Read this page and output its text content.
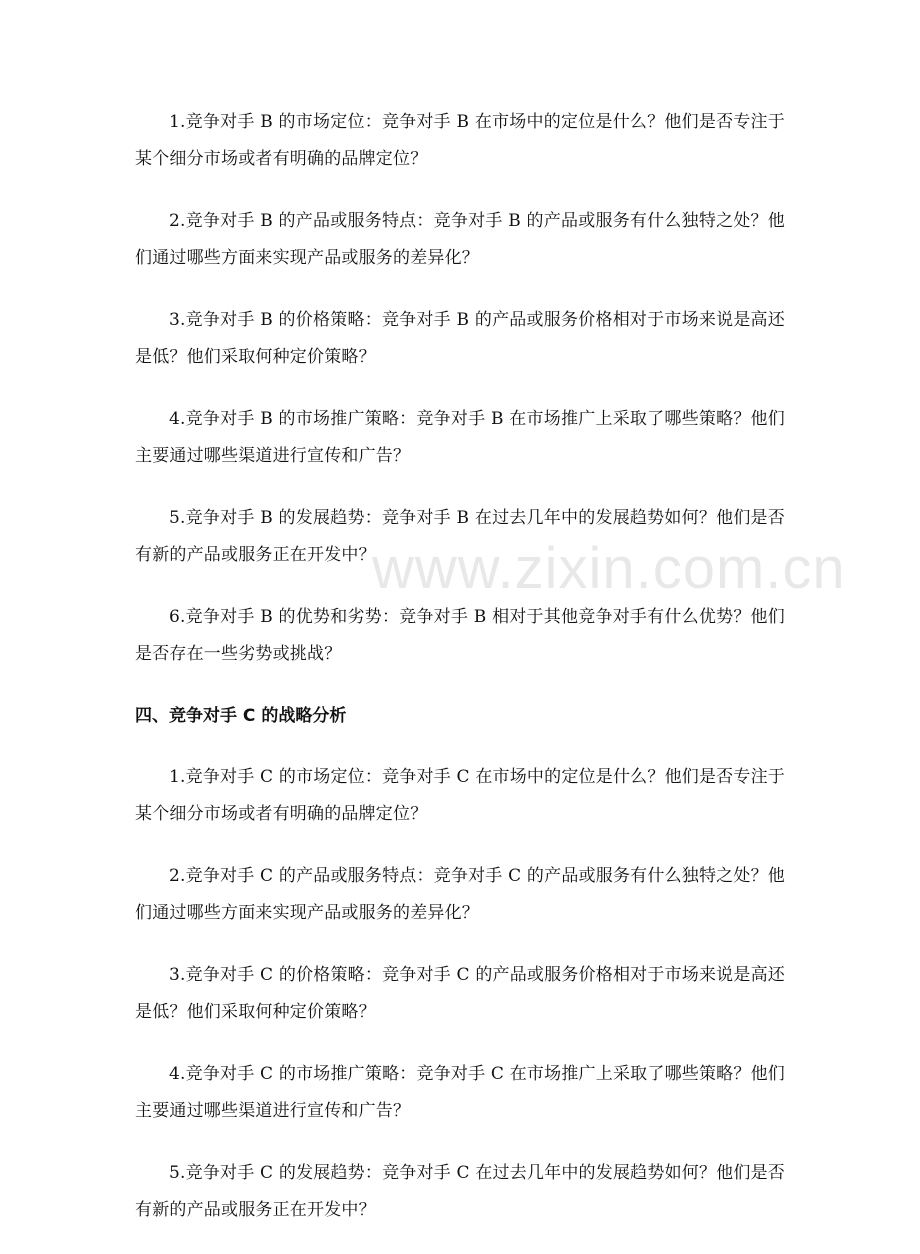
1.竞争对手 B 的市场定位：竞争对手 B 在市场中的定位是什么？他们是否专注于某个细分市场或者有明确的品牌定位？

2.竞争对手 B 的产品或服务特点：竞争对手 B 的产品或服务有什么独特之处？他们通过哪些方面来实现产品或服务的差异化？

3.竞争对手 B 的价格策略：竞争对手 B 的产品或服务价格相对于市场来说是高还是低？他们采取何种定价策略？

4.竞争对手 B 的市场推广策略：竞争对手 B 在市场推广上采取了哪些策略？他们主要通过哪些渠道进行宣传和广告？

5.竞争对手 B 的发展趋势：竞争对手 B 在过去几年中的发展趋势如何？他们是否有新的产品或服务正在开发中？

6.竞争对手 B 的优势和劣势：竞争对手 B 相对于其他竞争对手有什么优势？他们是否存在一些劣势或挑战？

四、竞争对手 C 的战略分析

1.竞争对手 C 的市场定位：竞争对手 C 在市场中的定位是什么？他们是否专注于某个细分市场或者有明确的品牌定位？

2.竞争对手 C 的产品或服务特点：竞争对手 C 的产品或服务有什么独特之处？他们通过哪些方面来实现产品或服务的差异化？

3.竞争对手 C 的价格策略：竞争对手 C 的产品或服务价格相对于市场来说是高还是低？他们采取何种定价策略？

4.竞争对手 C 的市场推广策略：竞争对手 C 在市场推广上采取了哪些策略？他们主要通过哪些渠道进行宣传和广告？

5.竞争对手 C 的发展趋势：竞争对手 C 在过去几年中的发展趋势如何？他们是否有新的产品或服务正在开发中？

www.zixin.com.cn
